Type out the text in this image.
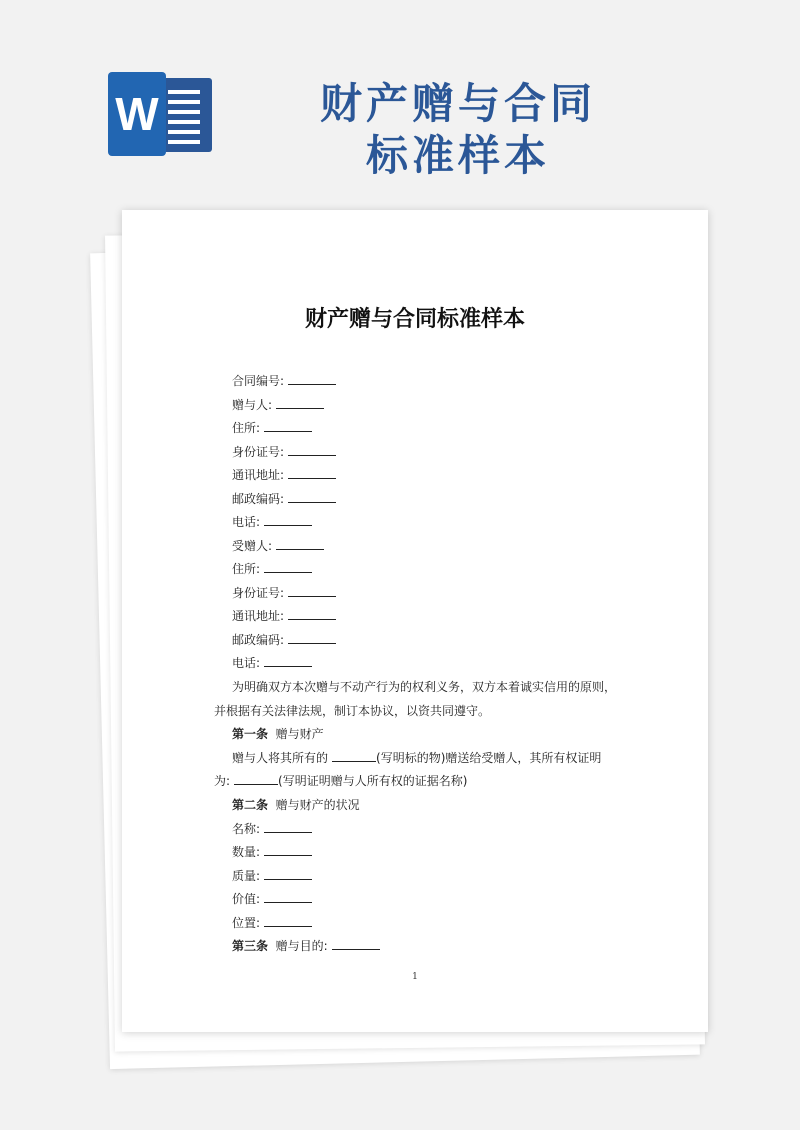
W	财产赠与合同
标准样本
财产赠与合同标准样本
合同编号:
赠与人:
住所:
身份证号:
通讯地址:
邮政编码:
电话:
受赠人:
住所:
身份证号:
通讯地址:
邮政编码:
电话:
为明确双方本次赠与不动产行为的权利义务，双方本着诚实信用的原则，
并根据有关法律法规，制订本协议，以资共同遵守。
第一条 赠与财产
赠与人将其所有的	(写明标的物)赠送给受赠人，其所有权证明
为:	(写明证明赠与人所有权的证据名称)
第二条 赠与财产的状况
名称:
数量:
质量:
价值:
位置:
第三条 赠与目的:
1
